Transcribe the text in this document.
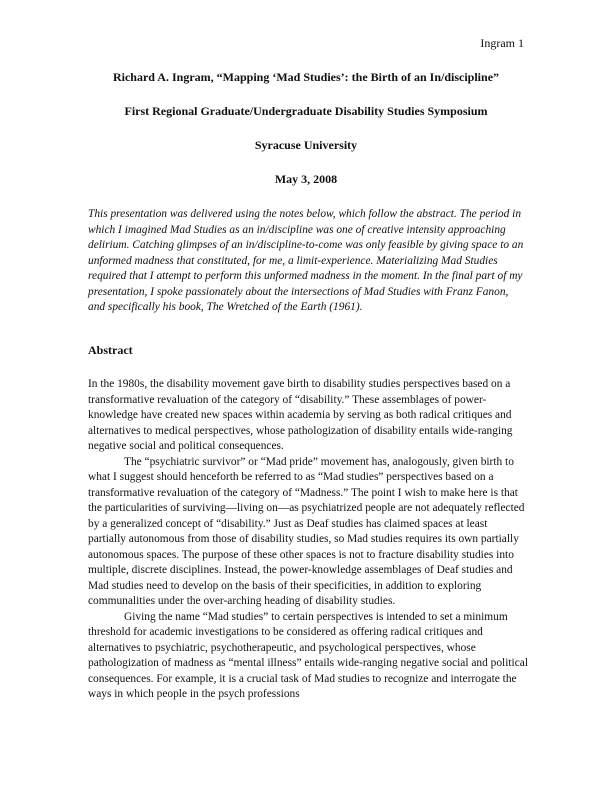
Ingram 1
Richard A. Ingram, “Mapping ‘Mad Studies’: the Birth of an In/discipline”
First Regional Graduate/Undergraduate Disability Studies Symposium
Syracuse University
May 3, 2008
This presentation was delivered using the notes below, which follow the abstract. The period in which I imagined Mad Studies as an in/discipline was one of creative intensity approaching delirium. Catching glimpses of an in/discipline-to-come was only feasible by giving space to an unformed madness that constituted, for me, a limit-experience. Materializing Mad Studies required that I attempt to perform this unformed madness in the moment. In the final part of my presentation, I spoke passionately about the intersections of Mad Studies with Franz Fanon, and specifically his book, The Wretched of the Earth (1961).
Abstract

In the 1980s, the disability movement gave birth to disability studies perspectives based on a transformative revaluation of the category of “disability.” These assemblages of power-knowledge have created new spaces within academia by serving as both radical critiques and alternatives to medical perspectives, whose pathologization of disability entails wide-ranging negative social and political consequences.

The “psychiatric survivor” or “Mad pride” movement has, analogously, given birth to what I suggest should henceforth be referred to as “Mad studies” perspectives based on a transformative revaluation of the category of “Madness.” The point I wish to make here is that the particularities of surviving—living on—as psychiatrized people are not adequately reflected by a generalized concept of “disability.” Just as Deaf studies has claimed spaces at least partially autonomous from those of disability studies, so Mad studies requires its own partially autonomous spaces. The purpose of these other spaces is not to fracture disability studies into multiple, discrete disciplines. Instead, the power-knowledge assemblages of Deaf studies and Mad studies need to develop on the basis of their specificities, in addition to exploring communalities under the over-arching heading of disability studies.

Giving the name “Mad studies” to certain perspectives is intended to set a minimum threshold for academic investigations to be considered as offering radical critiques and alternatives to psychiatric, psychotherapeutic, and psychological perspectives, whose pathologization of madness as “mental illness” entails wide-ranging negative social and political consequences. For example, it is a crucial task of Mad studies to recognize and interrogate the ways in which people in the psych professions
